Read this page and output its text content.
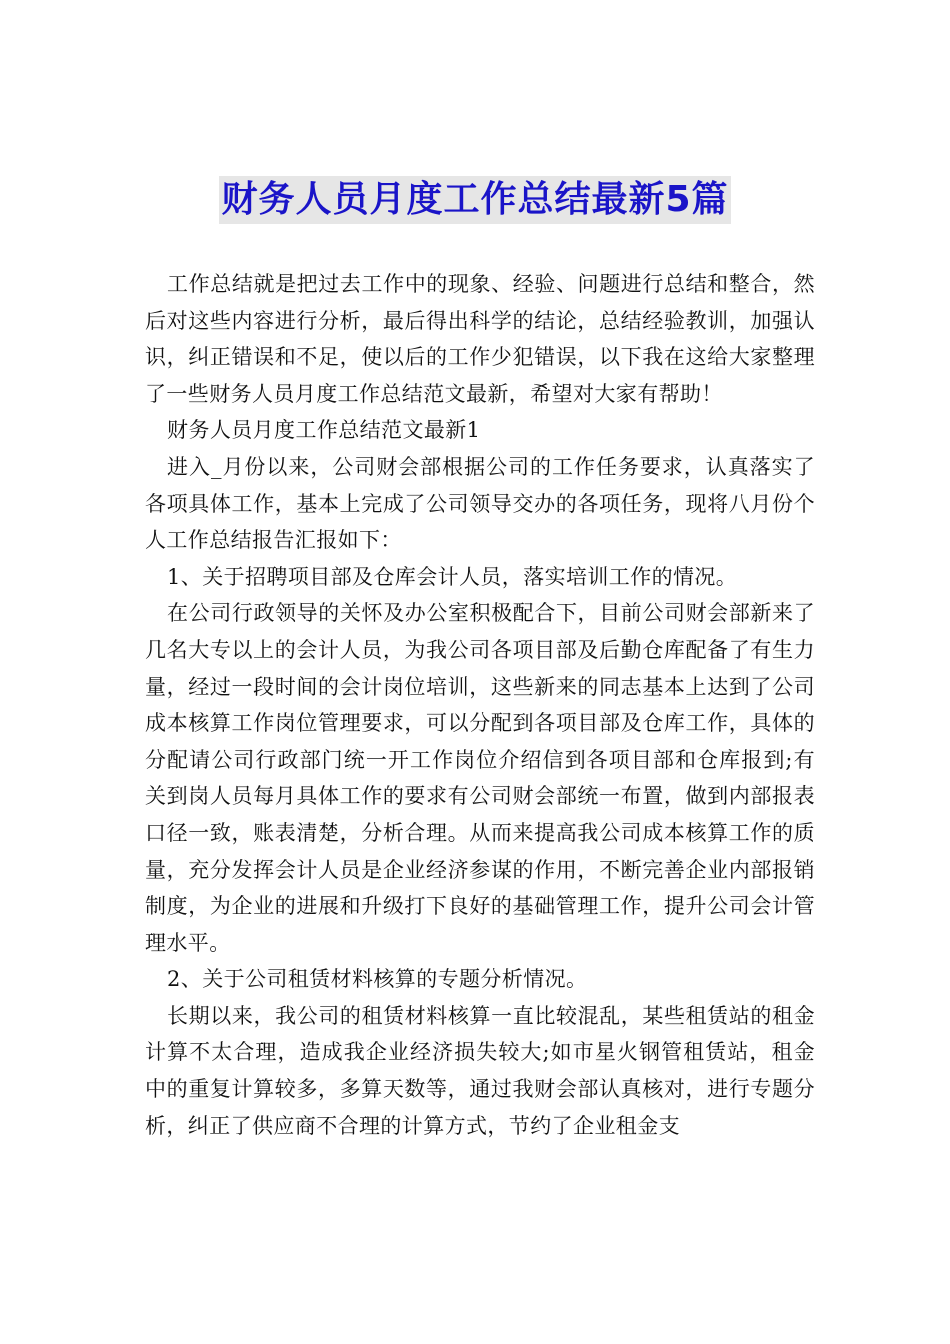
财务人员月度工作总结最新5篇

工作总结就是把过去工作中的现象、经验、问题进行总结和整合，然后对这些内容进行分析，最后得出科学的结论，总结经验教训，加强认识，纠正错误和不足，使以后的工作少犯错误，以下我在这给大家整理了一些财务人员月度工作总结范文最新，希望对大家有帮助！

财务人员月度工作总结范文最新1

进入_月份以来，公司财会部根据公司的工作任务要求，认真落实了各项具体工作，基本上完成了公司领导交办的各项任务，现将八月份个人工作总结报告汇报如下：

1、关于招聘项目部及仓库会计人员，落实培训工作的情况。

在公司行政领导的关怀及办公室积极配合下，目前公司财会部新来了几名大专以上的会计人员，为我公司各项目部及后勤仓库配备了有生力量，经过一段时间的会计岗位培训，这些新来的同志基本上达到了公司成本核算工作岗位管理要求，可以分配到各项目部及仓库工作，具体的分配请公司行政部门统一开工作岗位介绍信到各项目部和仓库报到;有关到岗人员每月具体工作的要求有公司财会部统一布置，做到内部报表口径一致，账表清楚，分析合理。从而来提高我公司成本核算工作的质量，充分发挥会计人员是企业经济参谋的作用，不断完善企业内部报销制度，为企业的进展和升级打下良好的基础管理工作，提升公司会计管理水平。

2、关于公司租赁材料核算的专题分析情况。

长期以来，我公司的租赁材料核算一直比较混乱，某些租赁站的租金计算不太合理，造成我企业经济损失较大;如市星火钢管租赁站，租金中的重复计算较多，多算天数等，通过我财会部认真核对，进行专题分析，纠正了供应商不合理的计算方式，节约了企业租金支
